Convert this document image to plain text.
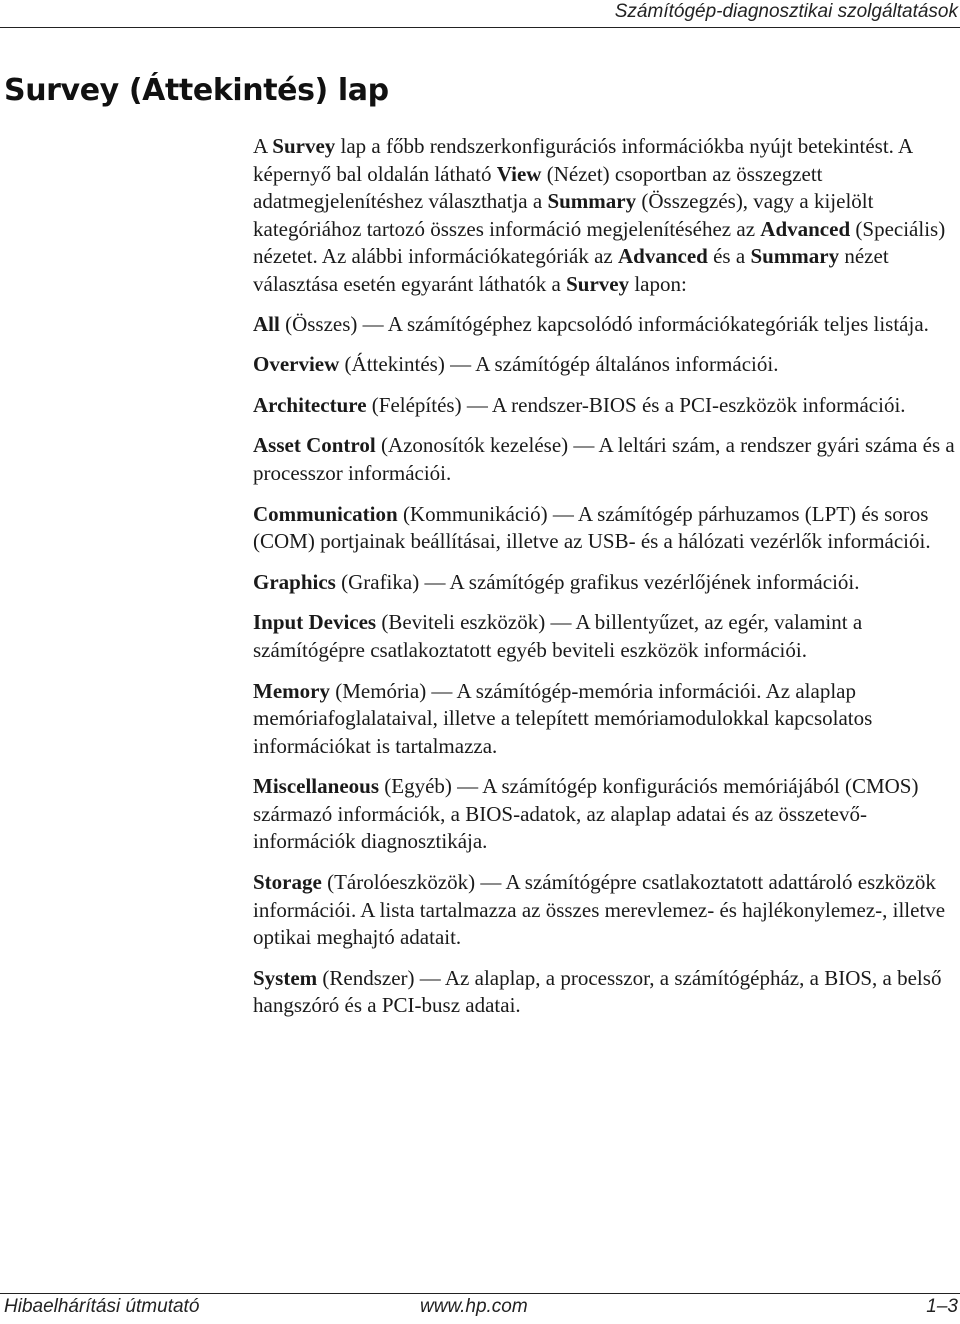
Számítógép-diagnosztikai szolgáltatások
Survey (Áttekintés) lap

A Survey lap a főbb rendszerkonfigurációs információkba nyújt betekintést. A képernyő bal oldalán látható View (Nézet) csoportban az összegzett adatmegjelenítéshez választhatja a Summary (Összegzés), vagy a kijelölt kategóriához tartozó összes információ megjelenítéséhez az Advanced (Speciális) nézetet. Az alábbi információkategóriák az Advanced és a Summary nézet választása esetén egyaránt láthatók a Survey lapon:

All (Összes) — A számítógéphez kapcsolódó információkategóriák teljes listája.

Overview (Áttekintés) — A számítógép általános információi.

Architecture (Felépítés) — A rendszer-BIOS és a PCI-eszközök információi.

Asset Control (Azonosítók kezelése) — A leltári szám, a rendszer gyári száma és a processzor információi.

Communication (Kommunikáció) — A számítógép párhuzamos (LPT) és soros (COM) portjainak beállításai, illetve az USB- és a hálózati vezérlők információi.

Graphics (Grafika) — A számítógép grafikus vezérlőjének információi.

Input Devices (Beviteli eszközök) — A billentyűzet, az egér, valamint a számítógépre csatlakoztatott egyéb beviteli eszközök információi.

Memory (Memória) — A számítógép-memória információi. Az alaplap memóriafoglalataival, illetve a telepített memóriamodulokkal kapcsolatos információkat is tartalmazza.

Miscellaneous (Egyéb) — A számítógép konfigurációs memóriájából (CMOS) származó információk, a BIOS-adatok, az alaplap adatai és az összetevő-információk diagnosztikája.

Storage (Tárolóeszközök) — A számítógépre csatlakoztatott adattároló eszközök információi. A lista tartalmazza az összes merevlemez- és hajlékonylemez-, illetve optikai meghajtó adatait.

System (Rendszer) — Az alaplap, a processzor, a számítógépház, a BIOS, a belső hangszóró és a PCI-busz adatai.

Hibaelhárítási útmutató	www.hp.com	1–3
